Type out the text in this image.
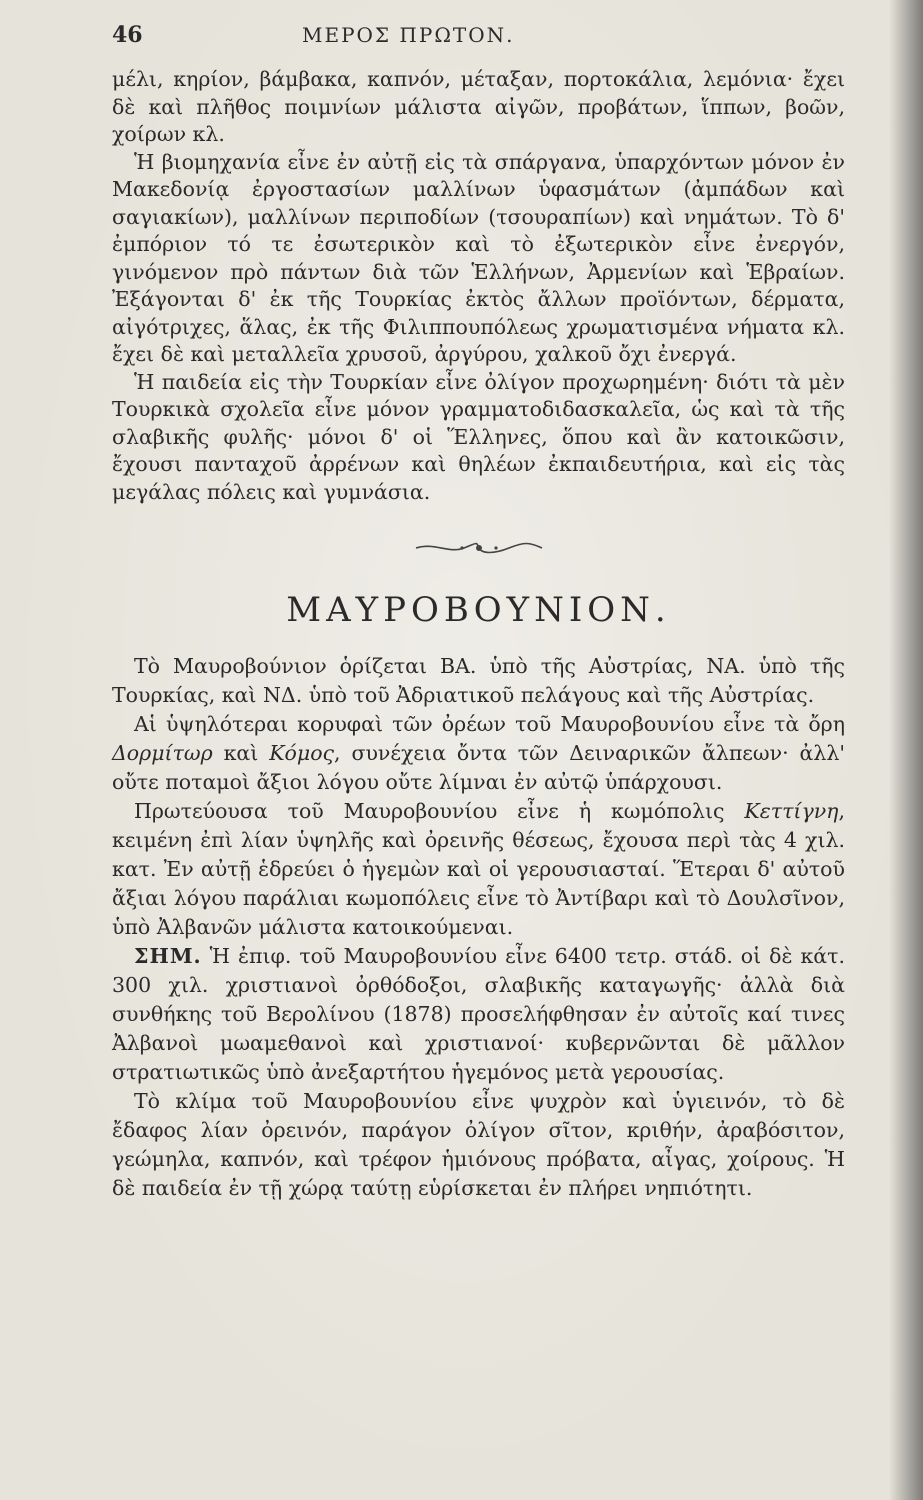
46	ΜΕΡΟΣ ΠΡΩΤΟΝ.

μέλι, κηρίον, βάμβακα, καπνόν, μέταξαν, πορτοκάλια, λεμόνια· ἔχει δὲ καὶ πλῆθος ποιμνίων μάλιστα αἰγῶν, προβάτων, ἵππων, βοῶν, χοίρων κλ.

Ἡ βιομηχανία εἶνε ἐν αὐτῇ εἰς τὰ σπάργανα, ὑπαρχόντων μόνον ἐν Μακεδονίᾳ ἐργοστασίων μαλλίνων ὑφασμάτων (ἀμπάδων καὶ σαγιακίων), μαλλίνων περιποδίων (τσουραπίων) καὶ νημάτων. Τὸ δ' ἐμπόριον τό τε ἐσωτερικὸν καὶ τὸ ἐξωτερικὸν εἶνε ἐνεργόν, γινόμενον πρὸ πάντων διὰ τῶν Ἑλλήνων, Ἀρμενίων καὶ Ἑβραίων. Ἐξάγονται δ' ἐκ τῆς Τουρκίας ἐκτὸς ἄλλων προϊόντων, δέρματα, αἰγότριχες, ἅλας, ἐκ τῆς Φιλιππουπόλεως χρωματισμένα νήματα κλ. ἔχει δὲ καὶ μεταλλεῖα χρυσοῦ, ἀργύρου, χαλκοῦ ὄχι ἐνεργά.

Ἡ παιδεία εἰς τὴν Τουρκίαν εἶνε ὀλίγον προχωρημένη· διότι τὰ μὲν Τουρκικὰ σχολεῖα εἶνε μόνον γραμματοδιδασκαλεῖα, ὡς καὶ τὰ τῆς σλαβικῆς φυλῆς· μόνοι δ' οἱ Ἕλληνες, ὅπου καὶ ἂν κατοικῶσιν, ἔχουσι πανταχοῦ ἀρρένων καὶ θηλέων ἐκπαιδευτήρια, καὶ εἰς τὰς μεγάλας πόλεις καὶ γυμνάσια.

ΜΑΥΡΟΒΟΥΝΙΟΝ.

Τὸ Μαυροβούνιον ὁρίζεται ΒΑ. ὑπὸ τῆς Αὐστρίας, ΝΑ. ὑπὸ τῆς Τουρκίας, καὶ ΝΔ. ὑπὸ τοῦ Ἀδριατικοῦ πελάγους καὶ τῆς Αὐστρίας.

Αἱ ὑψηλότεραι κορυφαὶ τῶν ὀρέων τοῦ Μαυροβουνίου εἶνε τὰ ὄρη Δορμίτωρ καὶ Κόμος, συνέχεια ὄντα τῶν Δειναρικῶν ἄλπεων· ἀλλ' οὔτε ποταμοὶ ἄξιοι λόγου οὔτε λίμναι ἐν αὐτῷ ὑπάρχουσι.

Πρωτεύουσα τοῦ Μαυροβουνίου εἶνε ἡ κωμόπολις Κεττίγνη, κειμένη ἐπὶ λίαν ὑψηλῆς καὶ ὀρεινῆς θέσεως, ἔχουσα περὶ τὰς 4 χιλ. κατ. Ἐν αὐτῇ ἑδρεύει ὁ ἡγεμὼν καὶ οἱ γερουσιασταί. Ἕτεραι δ' αὐτοῦ ἄξιαι λόγου παράλιαι κωμοπόλεις εἶνε τὸ Ἀντίβαρι καὶ τὸ Δουλσῖνον, ὑπὸ Ἀλβανῶν μάλιστα κατοικούμεναι.

ΣΗΜ. Ἡ ἐπιφ. τοῦ Μαυροβουνίου εἶνε 6400 τετρ. στάδ. οἱ δὲ κάτ. 300 χιλ. χριστιανοὶ ὀρθόδοξοι, σλαβικῆς καταγωγῆς· ἀλλὰ διὰ συνθήκης τοῦ Βερολίνου (1878) προσελήφθησαν ἐν αὐτοῖς καί τινες Ἀλβανοὶ μωαμεθανοὶ καὶ χριστιανοί· κυβερνῶνται δὲ μᾶλλον στρατιωτικῶς ὑπὸ ἀνεξαρτήτου ἡγεμόνος μετὰ γερουσίας.

Τὸ κλίμα τοῦ Μαυροβουνίου εἶνε ψυχρὸν καὶ ὑγιεινόν, τὸ δὲ ἔδαφος λίαν ὀρεινόν, παράγον ὀλίγον σῖτον, κριθήν, ἀραβόσιτον, γεώμηλα, καπνόν, καὶ τρέφον ἡμιόνους πρόβατα, αἶγας, χοίρους. Ἡ δὲ παιδεία ἐν τῇ χώρᾳ ταύτῃ εὑρίσκεται ἐν πλήρει νηπιότητι.
